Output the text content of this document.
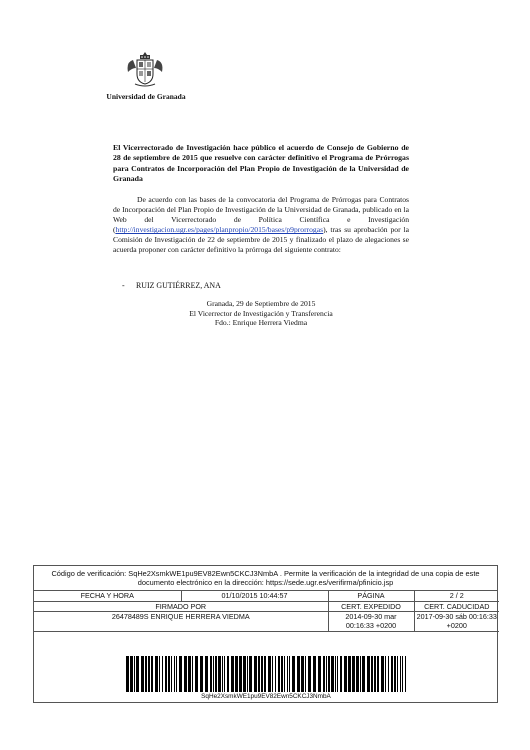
Universidad de Granada
El Vicerrectorado de Investigación hace público el acuerdo de Consejo de Gobierno de 28 de septiembre de 2015 que resuelve con carácter definitivo el Programa de Prórrogas para Contratos de Incorporación del Plan Propio de Investigación de la Universidad de Granada
De acuerdo con las bases de la convocatoria del Programa de Prórrogas para Contratos de Incorporación del Plan Propio de Investigación de la Universidad de Granada, publicado en la Web del Vicerrectorado de Política Científica e Investigación (http://investigacion.ugr.es/pages/planpropio/2015/bases/p9prorrogas), tras su aprobación por la Comisión de Investigación de 22 de septiembre de 2015 y finalizado el plazo de alegaciones se acuerda proponer con carácter definitivo la prórroga del siguiente contrato:
- RUIZ GUTIÉRREZ, ANA
Granada, 29 de Septiembre de 2015
El Vicerrector de Investigación y Transferencia
Fdo.: Enrique Herrera Viedma
Código de verificación: SqHe2XsmkWE1pu9EV82Ewn5CKCJ3NmbA . Permite la verificación de la integridad de una copia de este documento electrónico en la dirección: https://sede.ugr.es/verifirma/pfinicio.jsp
FECHA Y HORA	01/10/2015 10:44:57	PÁGINA	2 / 2
FIRMADO POR		CERT. EXPEDIDO	CERT. CADUCIDAD
26478489S ENRIQUE HERRERA VIEDMA		2014-09-30 mar 00:16:33 +0200	2017-09-30 sáb 00:16:33 +0200
SqHe2XsmkWE1pu9EV82Ewn5CKCJ3NmbA
